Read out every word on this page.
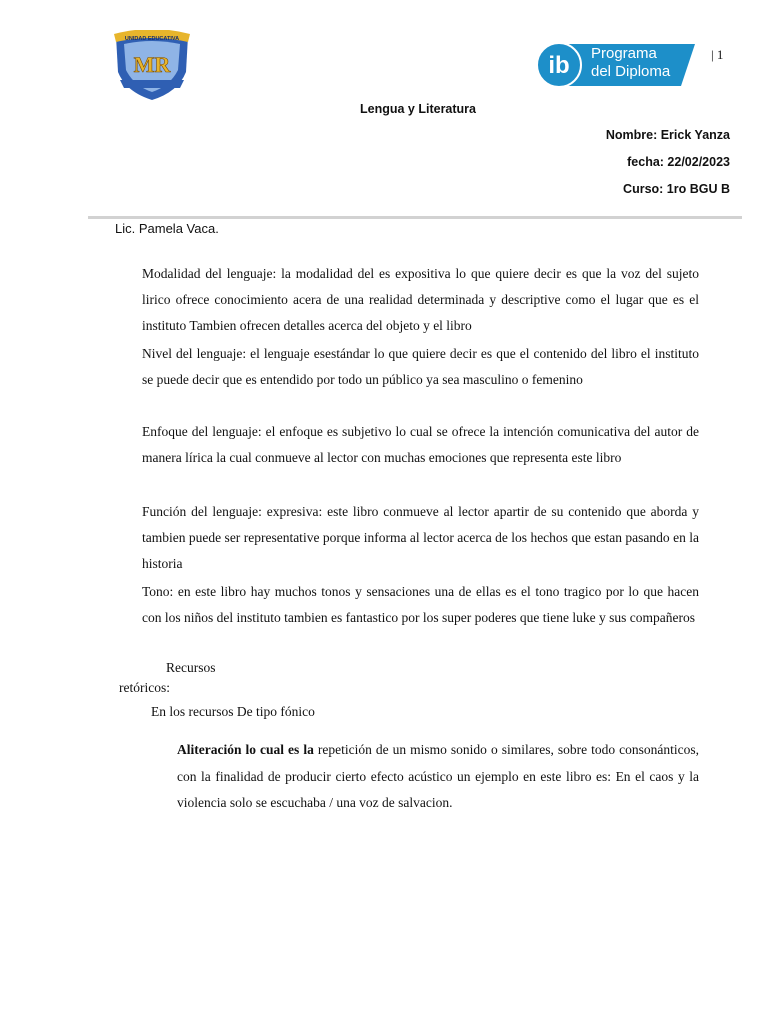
UNIDAD EDUCATIVA
MR	ib Programa
del Diploma
| 1
Lengua y Literatura
Nombre: Erick Yanza
fecha: 22/02/2023
Curso: 1ro BGU B
Lic. Pamela Vaca.
Modalidad del lenguaje: la modalidad del es expositiva lo que quiere decir es que la voz del sujeto lirico ofrece conocimiento acera de una realidad determinada y descriptive como el lugar que es el instituto Tambien ofrecen detalles acerca del objeto y el libro
Nivel del lenguaje: el lenguaje esestándar lo que quiere decir es que el contenido del libro el instituto se puede decir que es entendido por todo un público ya sea masculino o femenino
Enfoque del lenguaje: el enfoque es subjetivo lo cual se ofrece la intención comunicativa del autor de manera lírica la cual conmueve al lector con muchas emociones que representa este libro
Función del lenguaje: expresiva: este libro conmueve al lector apartir de su contenido que aborda y tambien puede ser representative porque informa al lector acerca de los hechos que estan pasando en la historia
Tono: en este libro hay muchos tonos y sensaciones una de ellas es el tono tragico por lo que hacen con los niños del instituto tambien es fantastico por los super poderes que tiene luke y sus compañeros
Recursos
retóricos:
En los recursos De tipo fónico
Aliteración lo cual es la repetición de un mismo sonido o similares, sobre todo consonánticos, con la finalidad de producir cierto efecto acústico un ejemplo en este libro es: En el caos y la violencia solo se escuchaba / una voz de salvacion.
